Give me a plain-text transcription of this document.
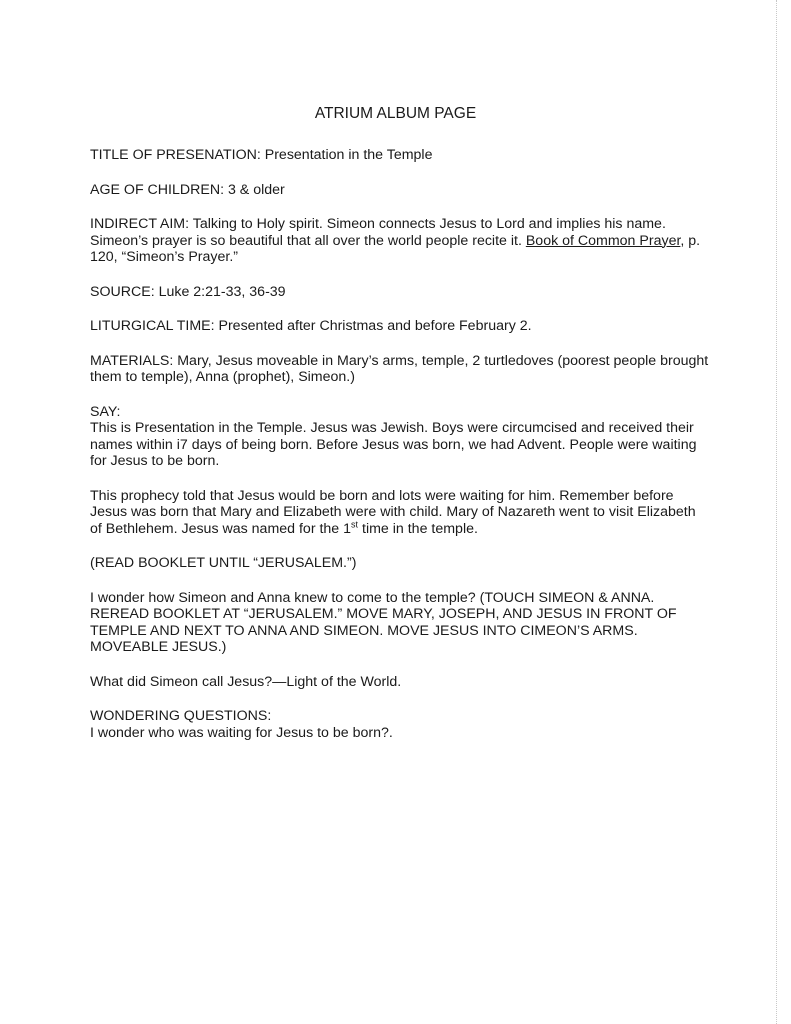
ATRIUM ALBUM PAGE

TITLE OF PRESENATION: Presentation in the Temple

AGE OF CHILDREN: 3 & older

INDIRECT AIM: Talking to Holy spirit. Simeon connects Jesus to Lord and implies his name. Simeon’s prayer is so beautiful that all over the world people recite it. Book of Common Prayer, p. 120, “Simeon’s Prayer.”

SOURCE: Luke 2:21-33, 36-39

LITURGICAL TIME: Presented after Christmas and before February 2.

MATERIALS: Mary, Jesus moveable in Mary’s arms, temple, 2 turtledoves (poorest people brought them to temple), Anna (prophet), Simeon.)

SAY:

This is Presentation in the Temple. Jesus was Jewish. Boys were circumcised and received their names within i7 days of being born. Before Jesus was born, we had Advent. People were waiting for Jesus to be born.

This prophecy told that Jesus would be born and lots were waiting for him. Remember before Jesus was born that Mary and Elizabeth were with child. Mary of Nazareth went to visit Elizabeth of Bethlehem. Jesus was named for the 1st time in the temple.

(READ BOOKLET UNTIL “JERUSALEM.”)

I wonder how Simeon and Anna knew to come to the temple? (TOUCH SIMEON & ANNA. REREAD BOOKLET AT “JERUSALEM.” MOVE MARY, JOSEPH, AND JESUS IN FRONT OF TEMPLE AND NEXT TO ANNA AND SIMEON. MOVE JESUS INTO CIMEON’S ARMS. MOVEABLE JESUS.)

What did Simeon call Jesus?—Light of the World.

WONDERING QUESTIONS:

I wonder who was waiting for Jesus to be born?.
